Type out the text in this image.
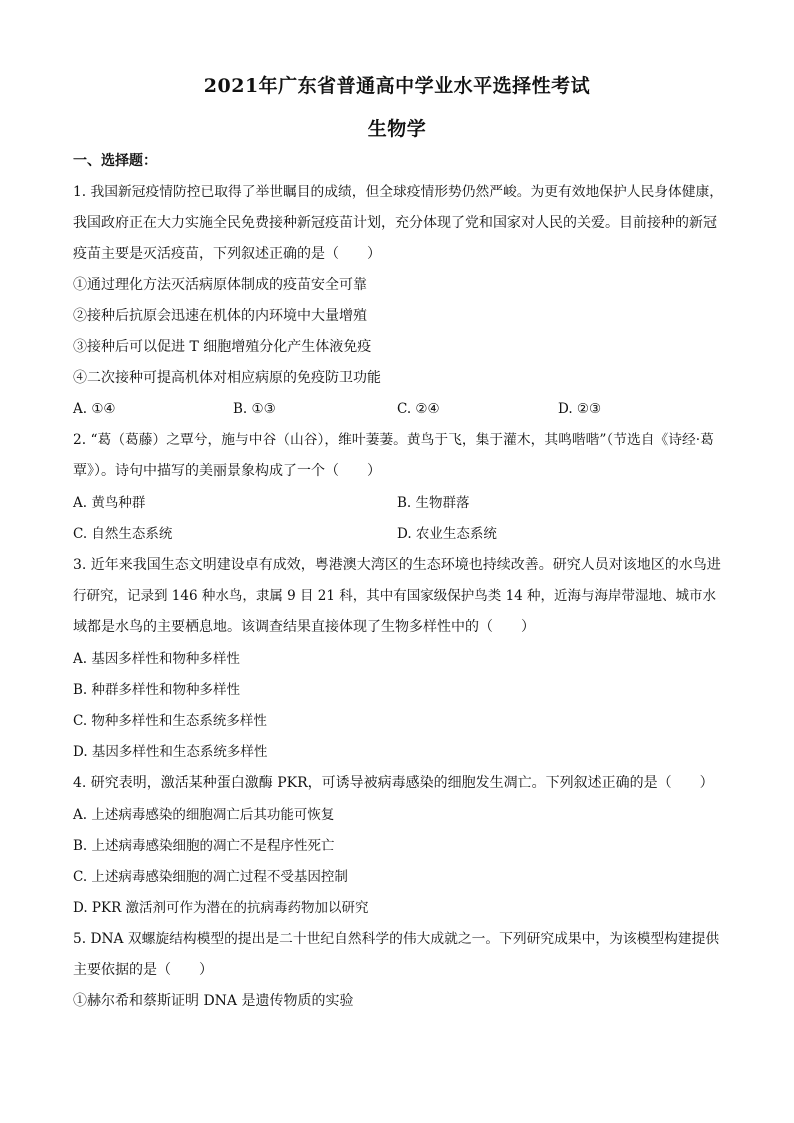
2021年广东省普通高中学业水平选择性考试
生物学
一、选择题：
1. 我国新冠疫情防控已取得了举世瞩目的成绩，但全球疫情形势仍然严峻。为更有效地保护人民身体健康，
我国政府正在大力实施全民免费接种新冠疫苗计划，充分体现了党和国家对人民的关爱。目前接种的新冠
疫苗主要是灭活疫苗，下列叙述正确的是（　　）
①通过理化方法灭活病原体制成的疫苗安全可靠
②接种后抗原会迅速在机体的内环境中大量增殖
③接种后可以促进 T 细胞增殖分化产生体液免疫
④二次接种可提高机体对相应病原的免疫防卫功能
A. ①④	B. ①③	C. ②④	D. ②③
2. “葛（葛藤）之覃兮，施与中谷（山谷），维叶萋萋。黄鸟于飞，集于灌木，其鸣喈喈”（节选自《诗经·葛
覃》）。诗句中描写的美丽景象构成了一个（　　）
A. 黄鸟种群	B. 生物群落
C. 自然生态系统	D. 农业生态系统
3. 近年来我国生态文明建设卓有成效，粤港澳大湾区的生态环境也持续改善。研究人员对该地区的水鸟进
行研究，记录到 146 种水鸟，隶属 9 目 21 科，其中有国家级保护鸟类 14 种，近海与海岸带湿地、城市水
域都是水鸟的主要栖息地。该调查结果直接体现了生物多样性中的（　　）
A. 基因多样性和物种多样性
B. 种群多样性和物种多样性
C. 物种多样性和生态系统多样性
D. 基因多样性和生态系统多样性
4. 研究表明，激活某种蛋白激酶 PKR，可诱导被病毒感染的细胞发生凋亡。下列叙述正确的是（　　）
A. 上述病毒感染的细胞凋亡后其功能可恢复
B. 上述病毒感染细胞的凋亡不是程序性死亡
C. 上述病毒感染细胞的凋亡过程不受基因控制
D. PKR 激活剂可作为潜在的抗病毒药物加以研究
5. DNA 双螺旋结构模型的提出是二十世纪自然科学的伟大成就之一。下列研究成果中，为该模型构建提供
主要依据的是（　　）
①赫尔希和蔡斯证明 DNA 是遗传物质的实验
